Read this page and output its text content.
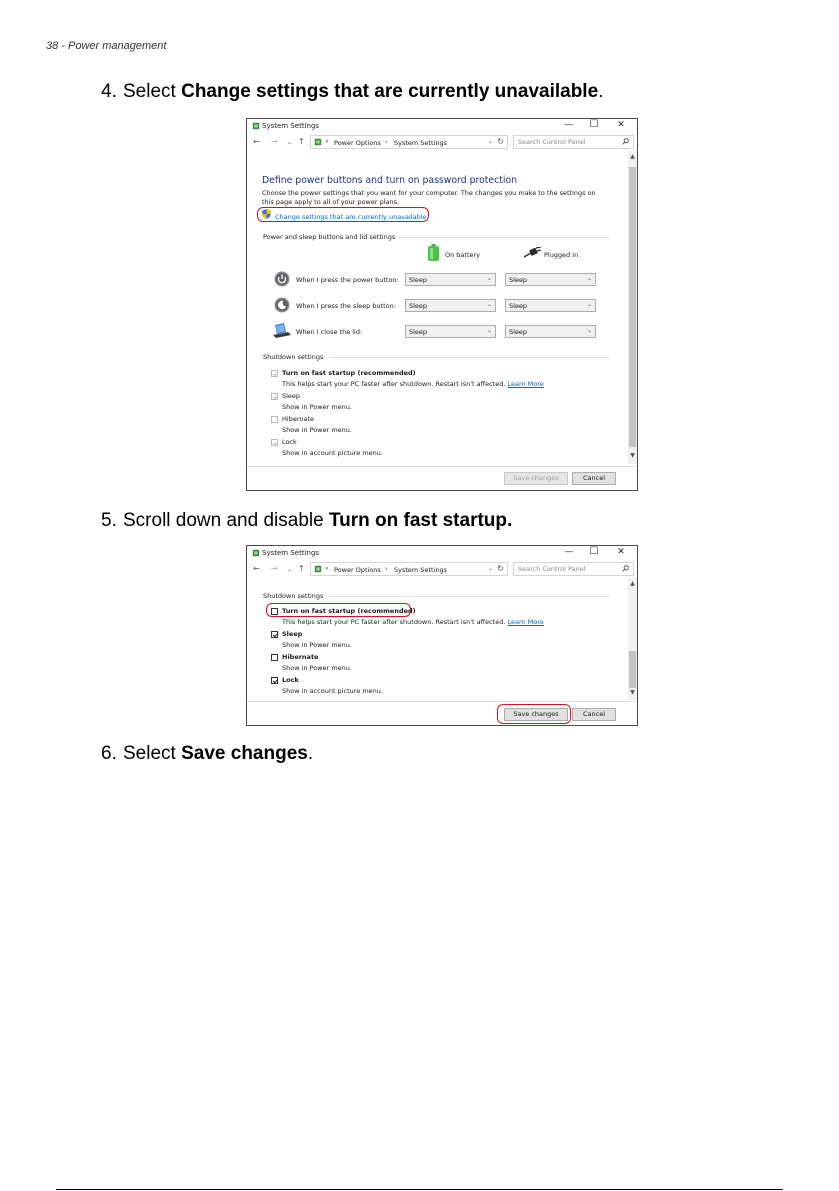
38 - Power management
4. Select Change settings that are currently unavailable.
System Settings	— ☐ ✕
← → ⌄ ↑	« Power Options › System Settings	⌄ ↻
Search Control Panel
▲
▼
Define power buttons and turn on password protection
Choose the power settings that you want for your computer. The changes you make to the settings on this page apply to all of your power plans.
Change settings that are currently unavailable
Power and sleep buttons and lid settings
On battery	Plugged in
When I press the power button: Sleep	⌄	Sleep	⌄
When I press the sleep button: Sleep	⌄	Sleep	⌄
When I close the lid:	Sleep	⌄	Sleep	⌄
Shutdown settings
Turn on fast startup (recommended)
This helps start your PC faster after shutdown. Restart isn't affected. Learn More
Sleep
Show in Power menu.
Hibernate
Show in Power menu.
Lock
Show in account picture menu.
Save changes	Cancel
5. Scroll down and disable Turn on fast startup.
System Settings	— ☐ ✕
← → ⌄ ↑	« Power Options › System Settings	⌄ ↻
Search Control Panel
▲
▼
Shutdown settings
Turn on fast startup (recommended)
This helps start your PC faster after shutdown. Restart isn't affected. Learn More
Sleep
Show in Power menu.
Hibernate
Show in Power menu.
Lock
Show in account picture menu.
Save changes	Cancel
6. Select Save changes.
